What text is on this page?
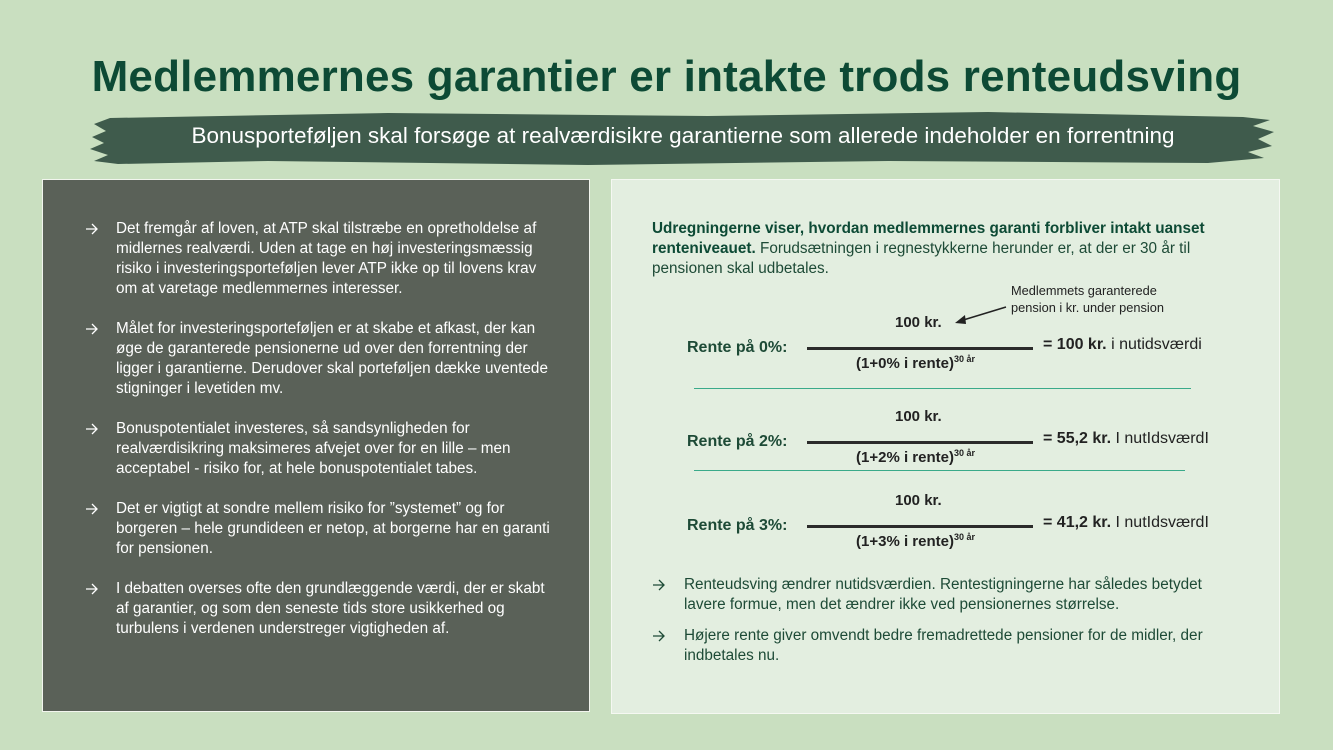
Medlemmernes garantier er intakte trods renteudsving
Bonusporteføljen skal forsøge at realværdisikre garantierne som allerede indeholder en forrentning
Det fremgår af loven, at ATP skal tilstræbe en opretholdelse af midlernes realværdi. Uden at tage en høj investeringsmæssig risiko i investeringsporteføljen lever ATP ikke op til lovens krav om at varetage medlemmernes interesser.
Målet for investeringsporteføljen er at skabe et afkast, der kan øge de garanterede pensionerne ud over den forrentning der ligger i garantierne. Derudover skal porteføljen dække uventede stigninger i levetiden mv.
Bonuspotentialet investeres, så sandsynligheden for realværdisikring maksimeres afvejet over for en lille – men acceptabel - risiko for, at hele bonuspotentialet tabes.
Det er vigtigt at sondre mellem risiko for ”systemet” og for borgeren – hele grundideen er netop, at borgerne har en garanti for pensionen.
I debatten overses ofte den grundlæggende værdi, der er skabt af garantier, og som den seneste tids store usikkerhed og turbulens i verdenen understreger vigtigheden af.

Udregningerne viser, hvordan medlemmernes garanti forbliver intakt uanset renteniveauet. Forudsætningen i regnestykkerne herunder er, at der er 30 år til pensionen skal udbetales.

Medlemmets garanterede
pension i kr. under pension

Rente på 0%:
100 kr.
(1+0% i rente)$^{30 år}$
= 100 kr. i nutidsværdi
Rente på 2%:
100 kr.
(1+2% i rente)$^{30 år}$
= 55,2 kr. I nutIdsværdI
Rente på 3%:
100 kr.
(1+3% i rente)$^{30 år}$
= 41,2 kr. I nutIdsværdI
Renteudsving ændrer nutidsværdien. Rentestigningerne har således betydet lavere formue, men det ændrer ikke ved pensionernes størrelse.
Højere rente giver omvendt bedre fremadrettede pensioner for de midler, der indbetales nu.
